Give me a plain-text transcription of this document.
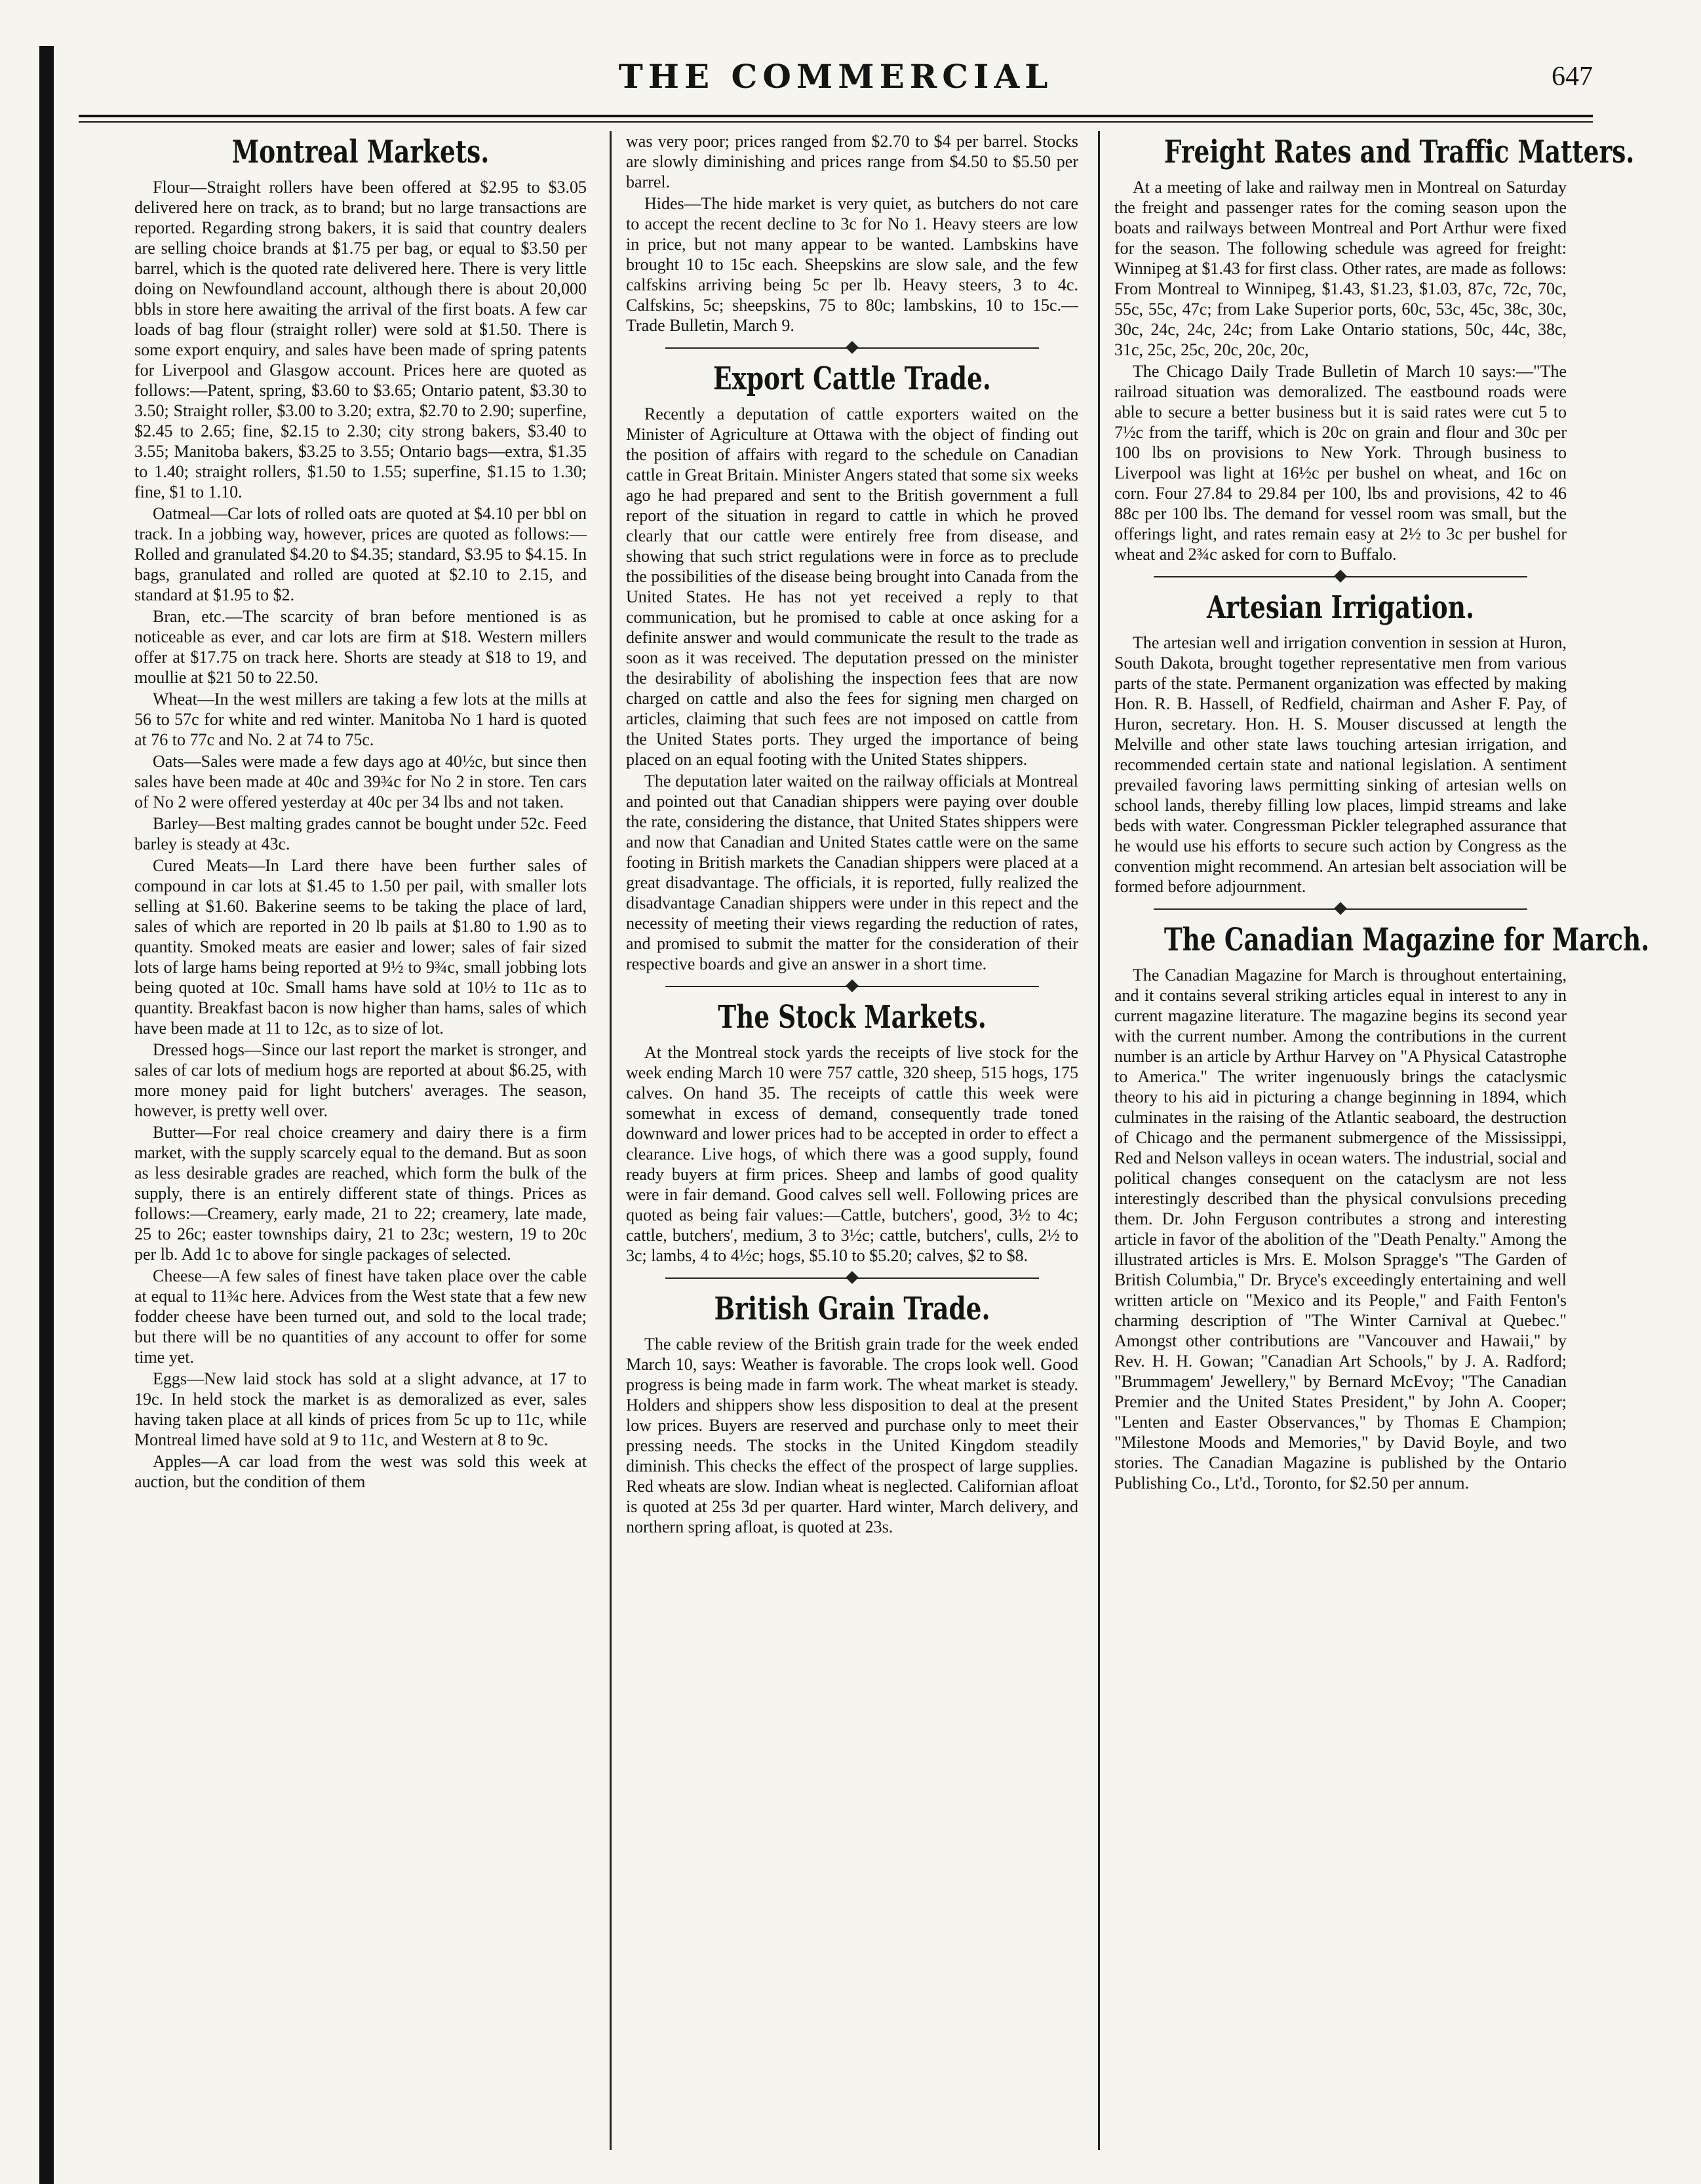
THE COMMERCIAL	647
Montreal Markets.

Flour—Straight rollers have been offered at $2.95 to $3.05 delivered here on track, as to brand; but no large transactions are reported. Regarding strong bakers, it is said that country dealers are selling choice brands at $1.75 per bag, or equal to $3.50 per barrel, which is the quoted rate delivered here. There is very little doing on Newfoundland account, although there is about 20,000 bbls in store here awaiting the arrival of the first boats. A few car loads of bag flour (straight roller) were sold at $1.50. There is some export enquiry, and sales have been made of spring patents for Liverpool and Glasgow account. Prices here are quoted as follows:—Patent, spring, $3.60 to $3.65; Ontario patent, $3.30 to 3.50; Straight roller, $3.00 to 3.20; extra, $2.70 to 2.90; superfine, $2.45 to 2.65; fine, $2.15 to 2.30; city strong bakers, $3.40 to 3.55; Manitoba bakers, $3.25 to 3.55; Ontario bags—extra, $1.35 to 1.40; straight rollers, $1.50 to 1.55; superfine, $1.15 to 1.30; fine, $1 to 1.10.

Oatmeal—Car lots of rolled oats are quoted at $4.10 per bbl on track. In a jobbing way, however, prices are quoted as follows:—Rolled and granulated $4.20 to $4.35; standard, $3.95 to $4.15. In bags, granulated and rolled are quoted at $2.10 to 2.15, and standard at $1.95 to $2.

Bran, etc.—The scarcity of bran before mentioned is as noticeable as ever, and car lots are firm at $18. Western millers offer at $17.75 on track here. Shorts are steady at $18 to 19, and moullie at $21 50 to 22.50.

Wheat—In the west millers are taking a few lots at the mills at 56 to 57c for white and red winter. Manitoba No 1 hard is quoted at 76 to 77c and No. 2 at 74 to 75c.

Oats—Sales were made a few days ago at 40½c, but since then sales have been made at 40c and 39¾c for No 2 in store. Ten cars of No 2 were offered yesterday at 40c per 34 lbs and not taken.

Barley—Best malting grades cannot be bought under 52c. Feed barley is steady at 43c.

Cured Meats—In Lard there have been further sales of compound in car lots at $1.45 to 1.50 per pail, with smaller lots selling at $1.60. Bakerine seems to be taking the place of lard, sales of which are reported in 20 lb pails at $1.80 to 1.90 as to quantity. Smoked meats are easier and lower; sales of fair sized lots of large hams being reported at 9½ to 9¾c, small jobbing lots being quoted at 10c. Small hams have sold at 10½ to 11c as to quantity. Breakfast bacon is now higher than hams, sales of which have been made at 11 to 12c, as to size of lot.

Dressed hogs—Since our last report the market is stronger, and sales of car lots of medium hogs are reported at about $6.25, with more money paid for light butchers' averages. The season, however, is pretty well over.

Butter—For real choice creamery and dairy there is a firm market, with the supply scarcely equal to the demand. But as soon as less desirable grades are reached, which form the bulk of the supply, there is an entirely different state of things. Prices as follows:—Creamery, early made, 21 to 22; creamery, late made, 25 to 26c; easter townships dairy, 21 to 23c; western, 19 to 20c per lb. Add 1c to above for single packages of selected.

Cheese—A few sales of finest have taken place over the cable at equal to 11¾c here. Advices from the West state that a few new fodder cheese have been turned out, and sold to the local trade; but there will be no quantities of any account to offer for some time yet.

Eggs—New laid stock has sold at a slight advance, at 17 to 19c. In held stock the market is as demoralized as ever, sales having taken place at all kinds of prices from 5c up to 11c, while Montreal limed have sold at 9 to 11c, and Western at 8 to 9c.

Apples—A car load from the west was sold this week at auction, but the condition of them

was very poor; prices ranged from $2.70 to $4 per barrel. Stocks are slowly diminishing and prices range from $4.50 to $5.50 per barrel.

Hides—The hide market is very quiet, as butchers do not care to accept the recent decline to 3c for No 1. Heavy steers are low in price, but not many appear to be wanted. Lambskins have brought 10 to 15c each. Sheepskins are slow sale, and the few calfskins arriving being 5c per lb. Heavy steers, 3 to 4c. Calfskins, 5c; sheepskins, 75 to 80c; lambskins, 10 to 15c.—Trade Bulletin, March 9.

Export Cattle Trade.

Recently a deputation of cattle exporters waited on the Minister of Agriculture at Ottawa with the object of finding out the position of affairs with regard to the schedule on Canadian cattle in Great Britain. Minister Angers stated that some six weeks ago he had prepared and sent to the British government a full report of the situation in regard to cattle in which he proved clearly that our cattle were entirely free from disease, and showing that such strict regulations were in force as to preclude the possibilities of the disease being brought into Canada from the United States. He has not yet received a reply to that communication, but he promised to cable at once asking for a definite answer and would communicate the result to the trade as soon as it was received. The deputation pressed on the minister the desirability of abolishing the inspection fees that are now charged on cattle and also the fees for signing men charged on articles, claiming that such fees are not imposed on cattle from the United States ports. They urged the importance of being placed on an equal footing with the United States shippers.

The deputation later waited on the railway officials at Montreal and pointed out that Canadian shippers were paying over double the rate, considering the distance, that United States shippers were and now that Canadian and United States cattle were on the same footing in British markets the Canadian shippers were placed at a great disadvantage. The officials, it is reported, fully realized the disadvantage Canadian shippers were under in this repect and the necessity of meeting their views regarding the reduction of rates, and promised to submit the matter for the consideration of their respective boards and give an answer in a short time.

The Stock Markets.

At the Montreal stock yards the receipts of live stock for the week ending March 10 were 757 cattle, 320 sheep, 515 hogs, 175 calves. On hand 35. The receipts of cattle this week were somewhat in excess of demand, consequently trade toned downward and lower prices had to be accepted in order to effect a clearance. Live hogs, of which there was a good supply, found ready buyers at firm prices. Sheep and lambs of good quality were in fair demand. Good calves sell well. Following prices are quoted as being fair values:—Cattle, butchers', good, 3½ to 4c; cattle, butchers', medium, 3 to 3½c; cattle, butchers', culls, 2½ to 3c; lambs, 4 to 4½c; hogs, $5.10 to $5.20; calves, $2 to $8.

British Grain Trade.

The cable review of the British grain trade for the week ended March 10, says: Weather is favorable. The crops look well. Good progress is being made in farm work. The wheat market is steady. Holders and shippers show less disposition to deal at the present low prices. Buyers are reserved and purchase only to meet their pressing needs. The stocks in the United Kingdom steadily diminish. This checks the effect of the prospect of large supplies. Red wheats are slow. Indian wheat is neglected. Californian afloat is quoted at 25s 3d per quarter. Hard winter, March delivery, and northern spring afloat, is quoted at 23s.

Freight Rates and Traffic Matters.

At a meeting of lake and railway men in Montreal on Saturday the freight and passenger rates for the coming season upon the boats and railways between Montreal and Port Arthur were fixed for the season. The following schedule was agreed for freight: Winnipeg at $1.43 for first class. Other rates, are made as follows: From Montreal to Winnipeg, $1.43, $1.23, $1.03, 87c, 72c, 70c, 55c, 55c, 47c; from Lake Superior ports, 60c, 53c, 45c, 38c, 30c, 30c, 24c, 24c, 24c; from Lake Ontario stations, 50c, 44c, 38c, 31c, 25c, 25c, 20c, 20c, 20c,

The Chicago Daily Trade Bulletin of March 10 says:—"The railroad situation was demoralized. The eastbound roads were able to secure a better business but it is said rates were cut 5 to 7½c from the tariff, which is 20c on grain and flour and 30c per 100 lbs on provisions to New York. Through business to Liverpool was light at 16½c per bushel on wheat, and 16c on corn. Four 27.84 to 29.84 per 100, lbs and provisions, 42 to 46 88c per 100 lbs. The demand for vessel room was small, but the offerings light, and rates remain easy at 2½ to 3c per bushel for wheat and 2¾c asked for corn to Buffalo.

Artesian Irrigation.

The artesian well and irrigation convention in session at Huron, South Dakota, brought together representative men from various parts of the state. Permanent organization was effected by making Hon. R. B. Hassell, of Redfield, chairman and Asher F. Pay, of Huron, secretary. Hon. H. S. Mouser discussed at length the Melville and other state laws touching artesian irrigation, and recommended certain state and national legislation. A sentiment prevailed favoring laws permitting sinking of artesian wells on school lands, thereby filling low places, limpid streams and lake beds with water. Congressman Pickler telegraphed assurance that he would use his efforts to secure such action by Congress as the convention might recommend. An artesian belt association will be formed before adjournment.

The Canadian Magazine for March.

The Canadian Magazine for March is throughout entertaining, and it contains several striking articles equal in interest to any in current magazine literature. The magazine begins its second year with the current number. Among the contributions in the current number is an article by Arthur Harvey on "A Physical Catastrophe to America." The writer ingenuously brings the cataclysmic theory to his aid in picturing a change beginning in 1894, which culminates in the raising of the Atlantic seaboard, the destruction of Chicago and the permanent submergence of the Mississippi, Red and Nelson valleys in ocean waters. The industrial, social and political changes consequent on the cataclysm are not less interestingly described than the physical convulsions preceding them. Dr. John Ferguson contributes a strong and interesting article in favor of the abolition of the "Death Penalty." Among the illustrated articles is Mrs. E. Molson Spragge's "The Garden of British Columbia," Dr. Bryce's exceedingly entertaining and well written article on "Mexico and its People," and Faith Fenton's charming description of "The Winter Carnival at Quebec." Amongst other contributions are "Vancouver and Hawaii," by Rev. H. H. Gowan; "Canadian Art Schools," by J. A. Radford; "Brummagem' Jewellery," by Bernard McEvoy; "The Canadian Premier and the United States President," by John A. Cooper; "Lenten and Easter Observances," by Thomas E Champion; "Milestone Moods and Memories," by David Boyle, and two stories. The Canadian Magazine is published by the Ontario Publishing Co., Lt'd., Toronto, for $2.50 per annum.
